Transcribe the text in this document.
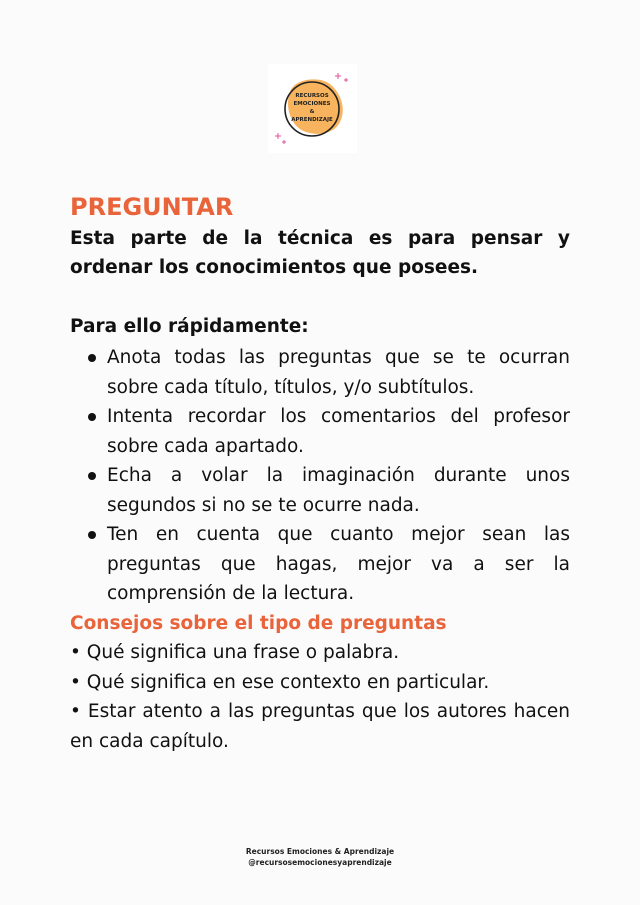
RECURSOS
EMOCIONES
&
APRENDIZAJE
PREGUNTAR

Esta parte de la técnica es para pensar y ordenar los conocimientos que posees.

Para ello rápidamente:

Anota todas las preguntas que se te ocurran sobre cada título, títulos, y/o subtítulos.
Intenta recordar los comentarios del profesor sobre cada apartado.
Echa a volar la imaginación durante unos segundos si no se te ocurre nada.
Ten en cuenta que cuanto mejor sean las preguntas que hagas, mejor va a ser la comprensión de la lectura.

Consejos sobre el tipo de preguntas

• Qué significa una frase o palabra.

• Qué significa en ese contexto en particular.

• Estar atento a las preguntas que los autores hacen en cada capítulo.

Recursos Emociones & Aprendizaje
@recursosemocionesyaprendizaje
